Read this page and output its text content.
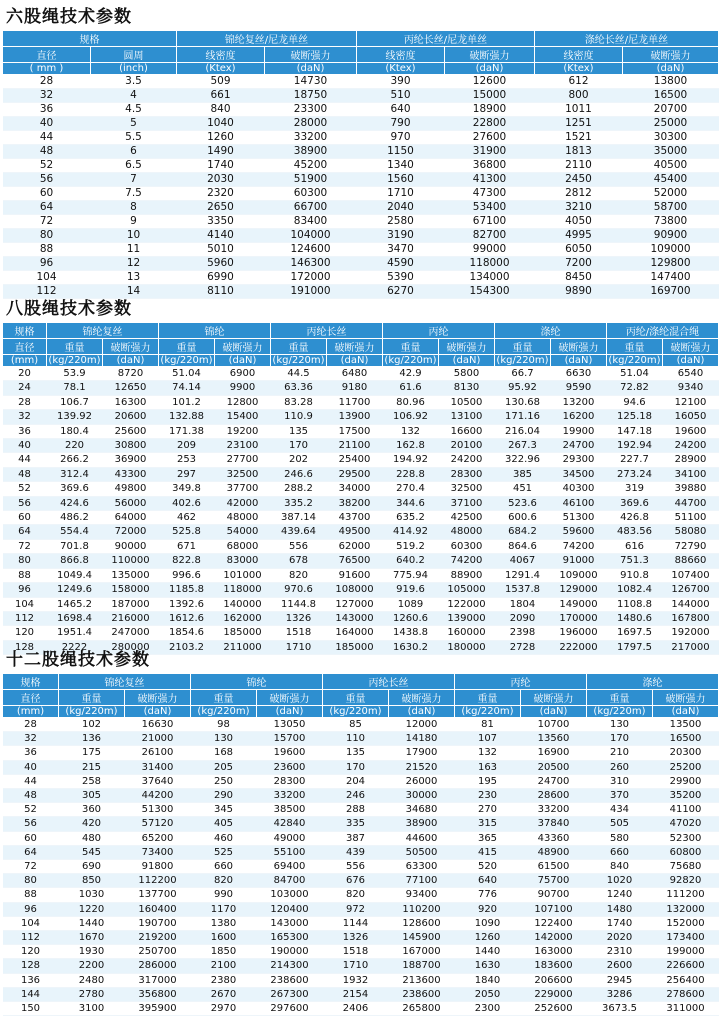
六股绳技术参数
规格		锦纶复丝/尼龙单丝		丙纶长丝/尼龙单丝		涤纶长丝/尼龙单丝	
直径	圆周	线密度	破断强力	线密度	破断强力	线密度	破断强力
( mm )	(inch)	(Ktex)	(daN)	(Ktex)	(daN)	(Ktex)	(daN)
28	3.5	509	14730	390	12600	612	13800
32	4	661	18750	510	15000	800	16500
36	4.5	840	23300	640	18900	1011	20700
40	5	1040	28000	790	22800	1251	25000
44	5.5	1260	33200	970	27600	1521	30300
48	6	1490	38900	1150	31900	1813	35000
52	6.5	1740	45200	1340	36800	2110	40500
56	7	2030	51900	1560	41300	2450	45400
60	7.5	2320	60300	1710	47300	2812	52000
64	8	2650	66700	2040	53400	3210	58700
72	9	3350	83400	2580	67100	4050	73800
80	10	4140	104000	3190	82700	4995	90900
88	11	5010	124600	3470	99000	6050	109000
96	12	5960	146300	4590	118000	7200	129800
104	13	6990	172000	5390	134000	8450	147400
112	14	8110	191000	6270	154300	9890	169700
八股绳技术参数
规格	锦纶复丝		锦纶		丙纶长丝		丙纶		涤纶		丙纶/涤纶混合绳	
直径	重量	破断强力	重量	破断强力	重量	破断强力	重量	破断强力	重量	破断强力	重量	破断强力
(mm)	(kg/220m)	(daN)	(kg/220m)	(daN)	(kg/220m)	(daN)	(kg/220m)	(daN)	(kg/220m)	(daN)	(kg/220m)	(daN)
20	53.9	8720	51.04	6900	44.5	6480	42.9	5800	66.7	6630	51.04	6540
24	78.1	12650	74.14	9900	63.36	9180	61.6	8130	95.92	9590	72.82	9340
28	106.7	16300	101.2	12800	83.28	11700	80.96	10500	130.68	13200	94.6	12100
32	139.92	20600	132.88	15400	110.9	13900	106.92	13100	171.16	16200	125.18	16050
36	180.4	25600	171.38	19200	135	17500	132	16600	216.04	19900	147.18	19600
40	220	30800	209	23100	170	21100	162.8	20100	267.3	24700	192.94	24200
44	266.2	36900	253	27700	202	25400	194.92	24200	322.96	29300	227.7	28900
48	312.4	43300	297	32500	246.6	29500	228.8	28300	385	34500	273.24	34100
52	369.6	49800	349.8	37700	288.2	34000	270.4	32500	451	40300	319	39880
56	424.6	56000	402.6	42000	335.2	38200	344.6	37100	523.6	46100	369.6	44700
60	486.2	64000	462	48000	387.14	43700	635.2	42500	600.6	51300	426.8	51100
64	554.4	72000	525.8	54000	439.64	49500	414.92	48000	684.2	59600	483.56	58080
72	701.8	90000	671	68000	556	62000	519.2	60300	864.6	74200	616	72790
80	866.8	110000	822.8	83000	678	76500	640.2	74200	4067	91000	751.3	88660
88	1049.4	135000	996.6	101000	820	91600	775.94	88900	1291.4	109000	910.8	107400
96	1249.6	158000	1185.8	118000	970.6	108000	919.6	105000	1537.8	129000	1082.4	126700
104	1465.2	187000	1392.6	140000	1144.8	127000	1089	122000	1804	149000	1108.8	144000
112	1698.4	216000	1612.6	162000	1326	143000	1260.6	139000	2090	170000	1480.6	167800
120	1951.4	247000	1854.6	185000	1518	164000	1438.8	160000	2398	196000	1697.5	192000
128	2222	280000	2103.2	211000	1710	185000	1630.2	180000	2728	222000	1797.5	217000
十二股绳技术参数
规格	锦纶复丝		锦纶		丙纶长丝		丙纶		涤纶	
直径	重量	破断强力	重量	破断强力	重量	破断强力	重量	破断强力	重量	破断强力
(mm)	(kg/220m)	(daN)	(kg/220m)	(daN)	(kg/220m)	(daN)	(kg/220m)	(daN)	(kg/220m)	(daN)
28	102	16630	98	13050	85	12000	81	10700	130	13500
32	136	21000	130	15700	110	14180	107	13560	170	16500
36	175	26100	168	19600	135	17900	132	16900	210	20300
40	215	31400	205	23600	170	21520	163	20500	260	25200
44	258	37640	250	28300	204	26000	195	24700	310	29900
48	305	44200	290	33200	246	30000	230	28600	370	35200
52	360	51300	345	38500	288	34680	270	33200	434	41100
56	420	57120	405	42840	335	38900	315	37840	505	47020
60	480	65200	460	49000	387	44600	365	43360	580	52300
64	545	73400	525	55100	439	50500	415	48900	660	60800
72	690	91800	660	69400	556	63300	520	61500	840	75680
80	850	112200	820	84700	676	77100	640	75700	1020	92820
88	1030	137700	990	103000	820	93400	776	90700	1240	111200
96	1220	160400	1170	120400	972	110200	920	107100	1480	132000
104	1440	190700	1380	143000	1144	128600	1090	122400	1740	152000
112	1670	219200	1600	165300	1326	145900	1260	142000	2020	173400
120	1930	250700	1850	190000	1518	167000	1440	163000	2310	199000
128	2200	286000	2100	214300	1710	188700	1630	183600	2600	226600
136	2480	317000	2380	238600	1932	213600	1840	206600	2945	256400
144	2780	356800	2670	267300	2154	238600	2050	229000	3286	278600
150	3100	395900	2970	297600	2406	265800	2300	252600	3673.5	311000
